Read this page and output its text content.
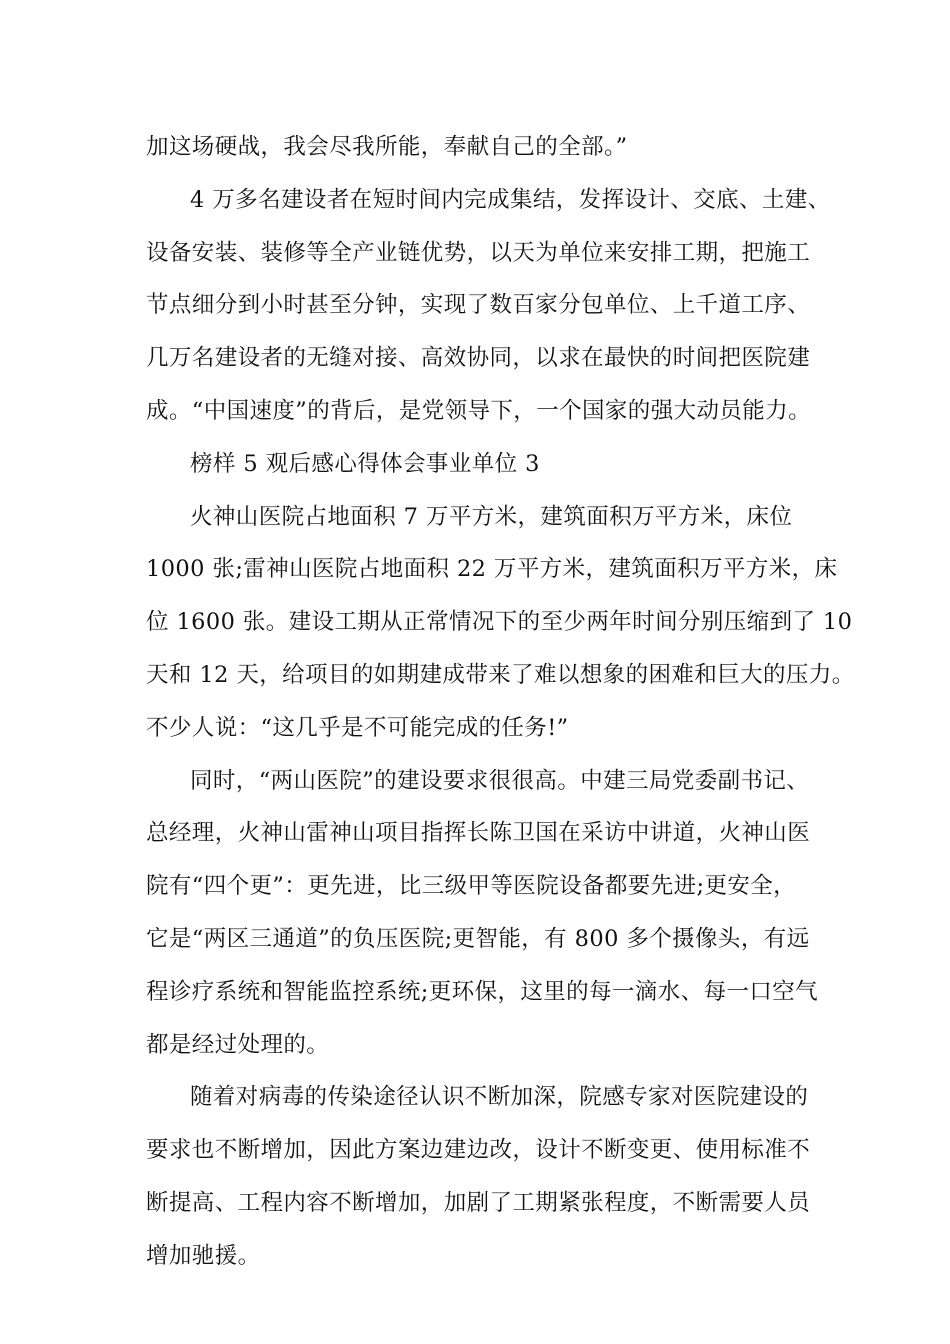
加这场硬战，我会尽我所能，奉献自己的全部。”
4 万多名建设者在短时间内完成集结，发挥设计、交底、土建、
设备安装、装修等全产业链优势，以天为单位来安排工期，把施工
节点细分到小时甚至分钟，实现了数百家分包单位、上千道工序、
几万名建设者的无缝对接、高效协同，以求在最快的时间把医院建
成。“中国速度”的背后，是党领导下，一个国家的强大动员能力。
榜样 5 观后感心得体会事业单位 3
火神山医院占地面积 7 万平方米，建筑面积万平方米，床位
1000 张;雷神山医院占地面积 22 万平方米，建筑面积万平方米，床
位 1600 张。建设工期从正常情况下的至少两年时间分别压缩到了 10
天和 12 天，给项目的如期建成带来了难以想象的困难和巨大的压力。
不少人说：“这几乎是不可能完成的任务!”
同时，“两山医院”的建设要求很很高。中建三局党委副书记、
总经理，火神山雷神山项目指挥长陈卫国在采访中讲道，火神山医
院有“四个更”：更先进，比三级甲等医院设备都要先进;更安全，
它是“两区三通道”的负压医院;更智能，有 800 多个摄像头，有远
程诊疗系统和智能监控系统;更环保，这里的每一滴水、每一口空气
都是经过处理的。
随着对病毒的传染途径认识不断加深，院感专家对医院建设的
要求也不断增加，因此方案边建边改，设计不断变更、使用标准不
断提高、工程内容不断增加，加剧了工期紧张程度，不断需要人员
增加驰援。
